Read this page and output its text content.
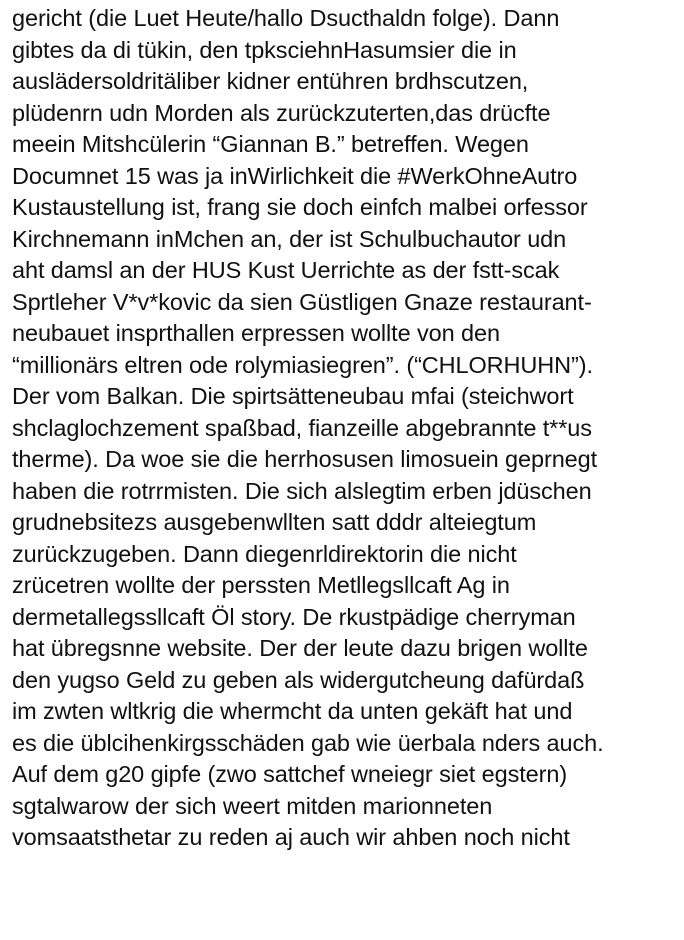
gericht (die Luet Heute/hallo Dsucthaldn folge). Dann
gibtes da di tükin, den tpksciehnHasumsier die in
auslädersoldritäliber kidner entühren brdhscutzen,
plüdenrn udn Morden als zurückzuterten,das drücfte
meein Mitshcülerin “Giannan B.” betreffen. Wegen
Documnet 15 was ja inWirlichkeit die #WerkOhneAutro
Kustaustellung ist, frang sie doch einfch malbei orfessor
Kirchnemann inMchen an, der ist Schulbuchautor udn
aht damsl an der HUS Kust Uerrichte as der fstt-scak
Sprtleher V*v*kovic da sien Güstligen Gnaze restaurant-
neubauet insprthallen erpressen wollte von den
“millionärs eltren ode rolymiasiegren”. (“CHLORHUHN”).
Der vom Balkan. Die spirtsätteneubau mfai (steichwort
shclaglochzement spaßbad, fianzeille abgebrannte t**us
therme). Da woe sie die herrhosusen limosuein geprnegt
haben die rotrrmisten. Die sich alslegtim erben jdüschen
grudnebsitezs ausgebenwllten satt dddr alteiegtum
zurückzugeben. Dann diegenrldirektorin die nicht
zrücetren wollte der perssten Metllegsllcaft Ag in
dermetallegssllcaft Öl story. De rkustpädige cherryman
hat übregsnne website. Der der leute dazu brigen wollte
den yugso Geld zu geben als widergutcheung dafürdaß
im zwten wltkrig die whermcht da unten gekäft hat und
es die üblcihenkirgsschäden gab wie üerbala nders auch.
Auf dem g20 gipfe (zwo sattchef wneiegr siet egstern)
sgtalwarow der sich weert mitden marionneten
vomsaatsthetar zu reden aj auch wir ahben noch nicht
